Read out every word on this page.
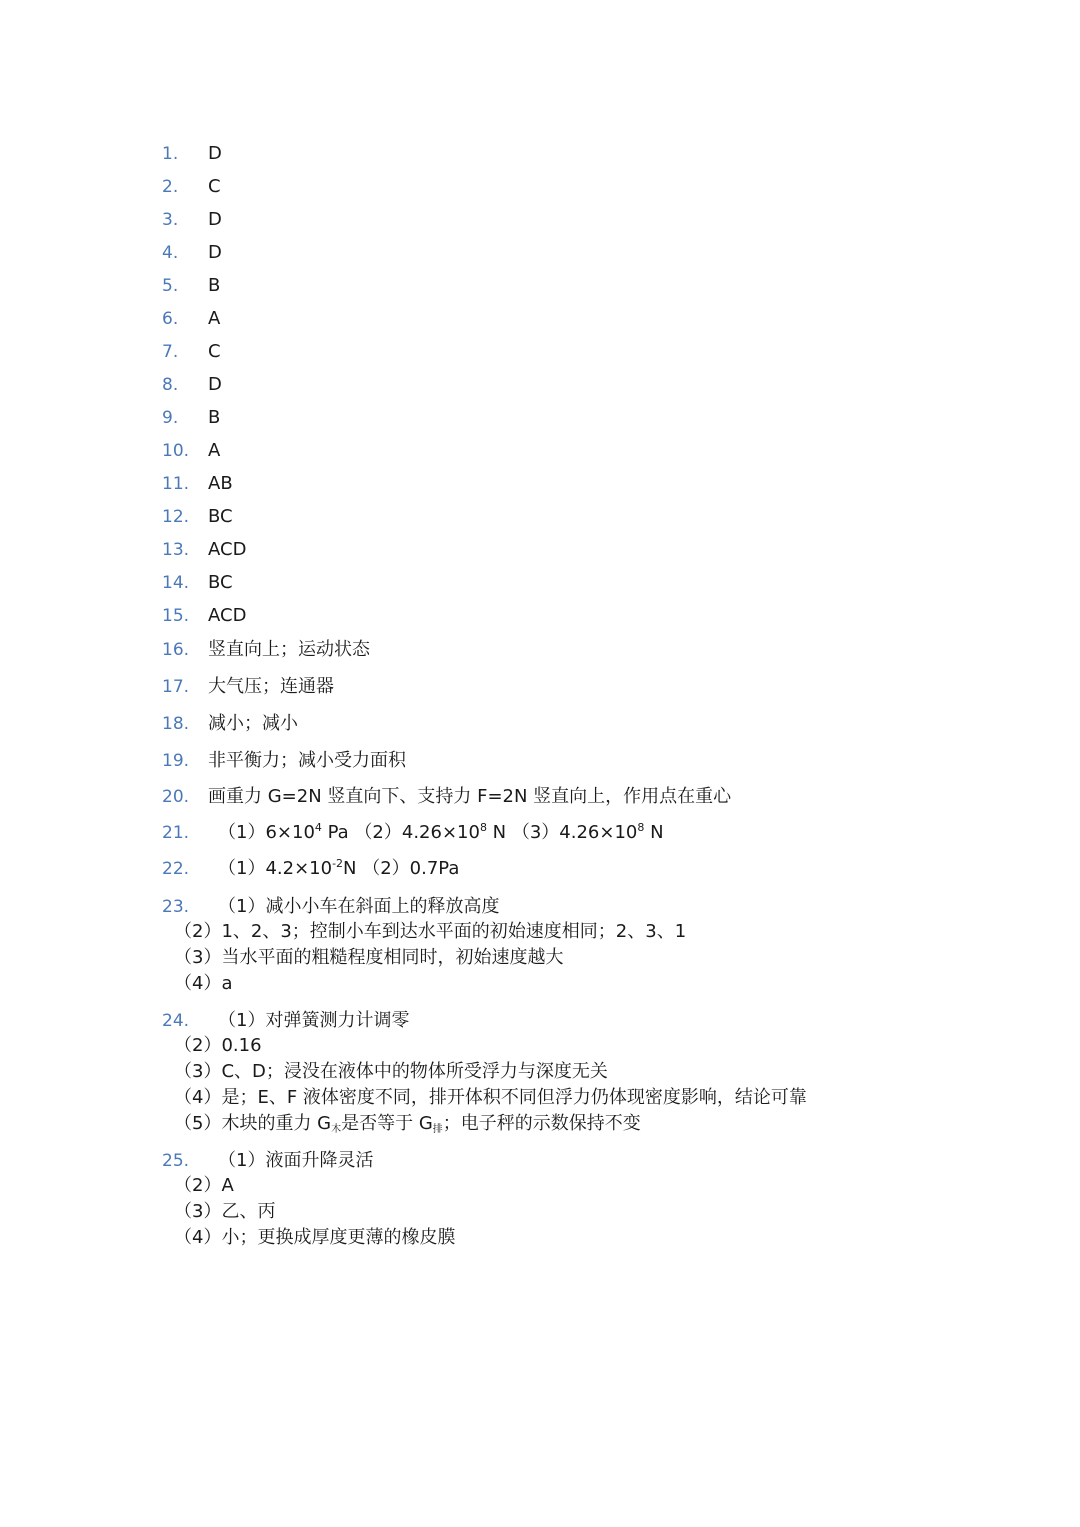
1.	D
2.	C
3.	D
4.	D
5.	B
6.	A
7.	C
8.	D
9.	B
10.	A
11.	AB
12.	BC
13.	ACD
14.	BC
15.	ACD
16.	竖直向上；运动状态
17.	大气压；连通器
18.	减小；减小
19.	非平衡力；减小受力面积
20.	画重力 G=2N 竖直向下、支持力 F=2N 竖直向上，作用点在重心
21.	$(1)6\times 10^4$ Pa $(2)4.26\times 10^8$ N $(3)4.26\times 10^8$ N
22.	$(1)4.2\times 10^{-2}N$ （2）0.7Pa
23.	（1）减小小车在斜面上的释放高度
（2）1、2、3；控制小车到达水平面的初始速度相同；2、3、1
（3）当水平面的粗糙程度相同时，初始速度越大
（4）a
24.	（1）对弹簧测力计调零
（2）0.16
（3）C、D；浸没在液体中的物体所受浮力与深度无关
（4）是；E、F 液体密度不同，排开体积不同但浮力仍体现密度影响，结论可靠
（5）木块的重力 G木是否等于 G排；电子秤的示数保持不变
25.	（1）液面升降灵活
（2）A
（3）乙、丙
（4）小；更换成厚度更薄的橡皮膜
